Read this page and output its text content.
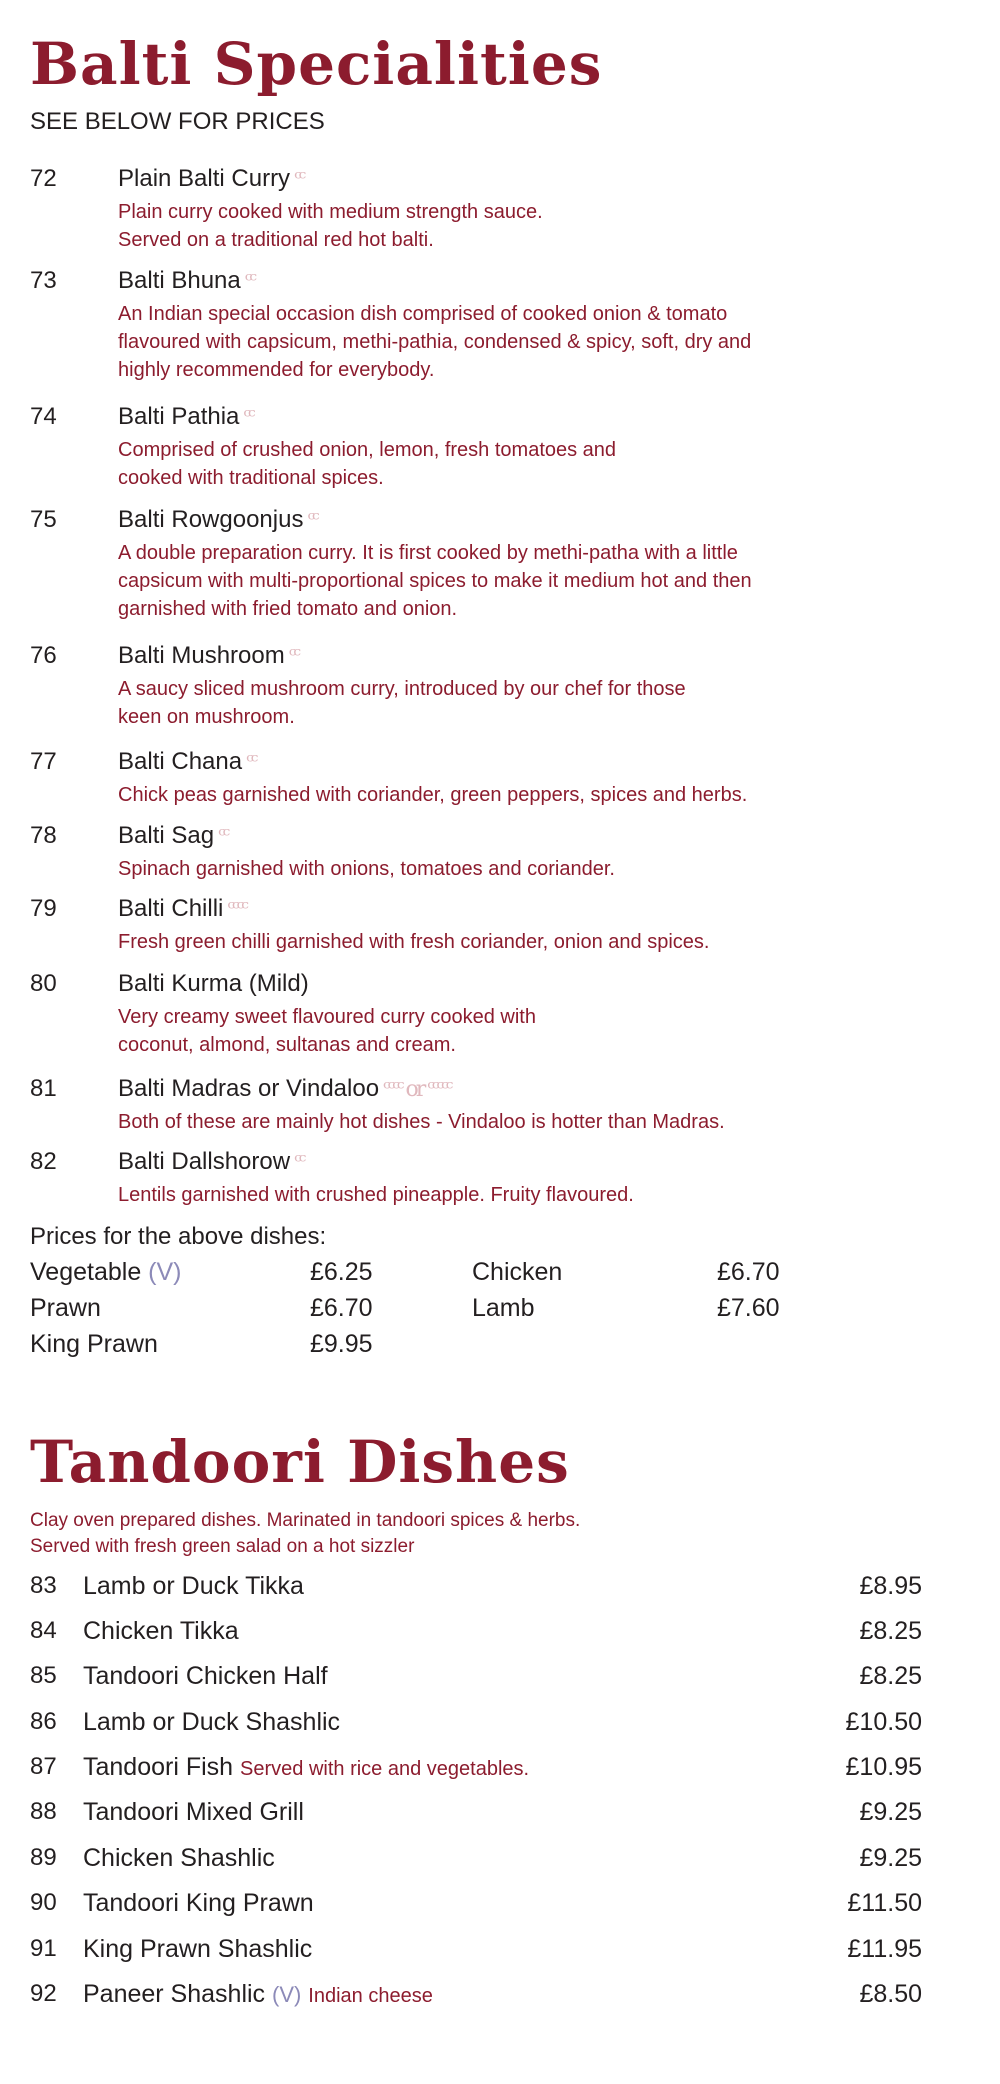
Balti Specialities
SEE BELOW FOR PRICES
72	Plain Balti Curry ᶜᶜ
Plain curry cooked with medium strength sauce.
Served on a traditional red hot balti.
73	Balti Bhuna ᶜᶜ
An Indian special occasion dish comprised of cooked onion & tomato
flavoured with capsicum, methi-pathia, condensed & spicy, soft, dry and
highly recommended for everybody.
74	Balti Pathia ᶜᶜ
Comprised of crushed onion, lemon, fresh tomatoes and
cooked with traditional spices.
75	Balti Rowgoonjus ᶜᶜ
A double preparation curry. It is first cooked by methi-patha with a little
capsicum with multi-proportional spices to make it medium hot and then
garnished with fried tomato and onion.
76	Balti Mushroom ᶜᶜ
A saucy sliced mushroom curry, introduced by our chef for those
keen on mushroom.
77	Balti Chana ᶜᶜ
Chick peas garnished with coriander, green peppers, spices and herbs.
78	Balti Sag ᶜᶜ
Spinach garnished with onions, tomatoes and coriander.
79	Balti Chilli ᶜᶜᶜᶜ
Fresh green chilli garnished with fresh coriander, onion and spices.
80	Balti Kurma (Mild)
Very creamy sweet flavoured curry cooked with
coconut, almond, sultanas and cream.
81	Balti Madras or Vindaloo ᶜᶜᶜᶜ or ᶜᶜᶜᶜᶜ
Both of these are mainly hot dishes - Vindaloo is hotter than Madras.
82	Balti Dallshorow ᶜᶜ
Lentils garnished with crushed pineapple. Fruity flavoured.
Prices for the above dishes:
Vegetable (V)	£6.25	Chicken	£6.70
Prawn	£6.70	Lamb	£7.60
King Prawn	£9.95
Tandoori Dishes
Clay oven prepared dishes. Marinated in tandoori spices & herbs.
Served with fresh green salad on a hot sizzler
83 Lamb or Duck Tikka	£8.95
84 Chicken Tikka	£8.25
85 Tandoori Chicken Half	£8.25
86 Lamb or Duck Shashlic	£10.50
87 Tandoori Fish Served with rice and vegetables.	£10.95
88 Tandoori Mixed Grill	£9.25
89 Chicken Shashlic	£9.25
90 Tandoori King Prawn	£11.50
91 King Prawn Shashlic	£11.95
92 Paneer Shashlic (V) Indian cheese	£8.50
